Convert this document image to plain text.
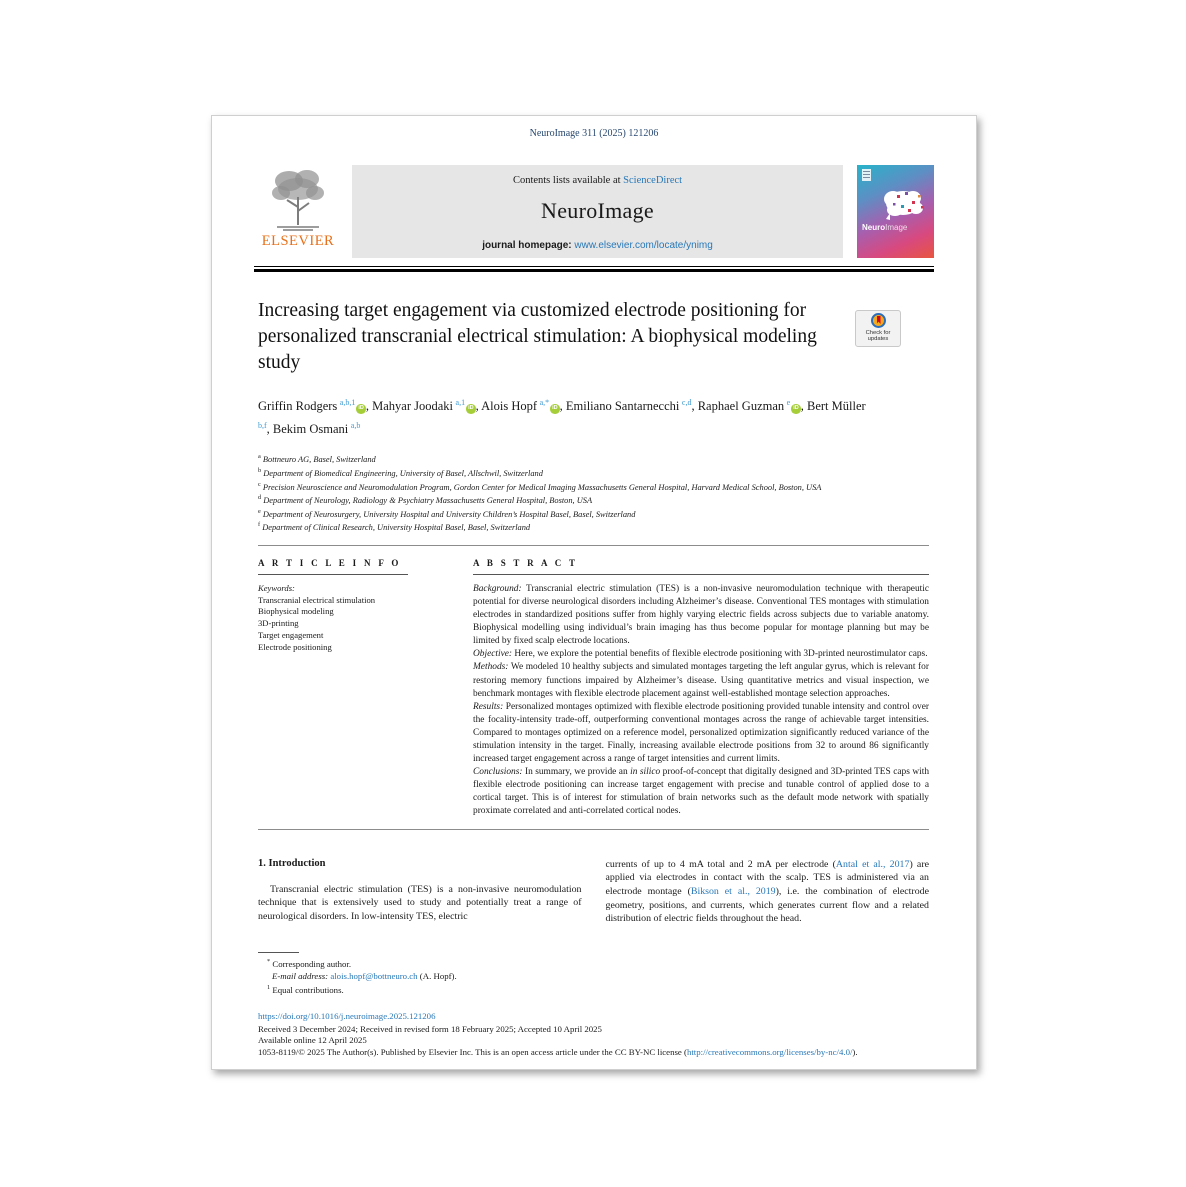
NeuroImage 311 (2025) 121206
ELSEVIER
Contents lists available at ScienceDirect
NeuroImage
journal homepage: www.elsevier.com/locate/ynimg
NeuroImage
Check for
updates
Increasing target engagement via customized electrode positioning for personalized transcranial electrical stimulation: A biophysical modeling study
Griffin Rodgers  $^{a,b,1}$iD , Mahyar Joodaki  $^{a,1}$iD , Alois Hopf  $^{a,*}$iD , Emiliano Santarnecchi  $^{c,d}$, Raphael Guzman  $^e$iD , Bert Müller $^{b,f}$, Bekim Osmani  $^{a,b}$
$^a$ Bottneuro AG, Basel, Switzerland
$^b$ Department of Biomedical Engineering, University of Basel, Allschwil, Switzerland
$^c$ Precision Neuroscience and Neuromodulation Program, Gordon Center for Medical Imaging Massachusetts General Hospital, Harvard Medical School, Boston, USA
$^d$ Department of Neurology, Radiology & Psychiatry Massachusetts General Hospital, Boston, USA
$^e$ Department of Neurosurgery, University Hospital and University Children’s Hospital Basel, Basel, Switzerland
$^f$ Department of Clinical Research, University Hospital Basel, Basel, Switzerland
A R T I C L E I N F O
Keywords:
Transcranial electrical stimulation
Biophysical modeling
3D-printing
Target engagement
Electrode positioning
A B S T R A C T
Background: Transcranial electric stimulation (TES) is a non-invasive neuromodulation technique with therapeutic potential for diverse neurological disorders including Alzheimer’s disease. Conventional TES montages with stimulation electrodes in standardized positions suffer from highly varying electric fields across subjects due to variable anatomy. Biophysical modelling using individual’s brain imaging has thus become popular for montage planning but may be limited by fixed scalp electrode locations.
Objective: Here, we explore the potential benefits of flexible electrode positioning with 3D-printed neurostimulator caps.
Methods: We modeled 10 healthy subjects and simulated montages targeting the left angular gyrus, which is relevant for restoring memory functions impaired by Alzheimer’s disease. Using quantitative metrics and visual inspection, we benchmark montages with flexible electrode placement against well-established montage selection approaches.
Results: Personalized montages optimized with flexible electrode positioning provided tunable intensity and control over the focality-intensity trade-off, outperforming conventional montages across the range of achievable target intensities. Compared to montages optimized on a reference model, personalized optimization significantly reduced variance of the stimulation intensity in the target. Finally, increasing available electrode positions from 32 to around 86 significantly increased target engagement across a range of target intensities and current limits.
Conclusions: In summary, we provide an in silico proof-of-concept that digitally designed and 3D-printed TES caps with flexible electrode positioning can increase target engagement with precise and tunable control of applied dose to a cortical target. This is of interest for stimulation of brain networks such as the default mode network with spatially proximate correlated and anti-correlated cortical nodes.
1. Introduction
Transcranial electric stimulation (TES) is a non-invasive neuromodulation technique that is extensively used to study and potentially treat a range of neurological disorders. In low-intensity TES, electric
currents of up to 4 mA total and 2 mA per electrode (Antal et al., 2017) are applied via electrodes in contact with the scalp. TES is administered via an electrode montage (Bikson et al., 2019), i.e. the combination of electrode geometry, positions, and currents, which generates current flow and a related distribution of electric fields throughout the head.
* Corresponding author.
E-mail address: alois.hopf@bottneuro.ch (A. Hopf).
$^1$ Equal contributions.
https://doi.org/10.1016/j.neuroimage.2025.121206
Received 3 December 2024; Received in revised form 18 February 2025; Accepted 10 April 2025
Available online 12 April 2025
1053-8119/© 2025 The Author(s). Published by Elsevier Inc. This is an open access article under the CC BY-NC license (http://creativecommons.org/licenses/by-nc/4.0/).
